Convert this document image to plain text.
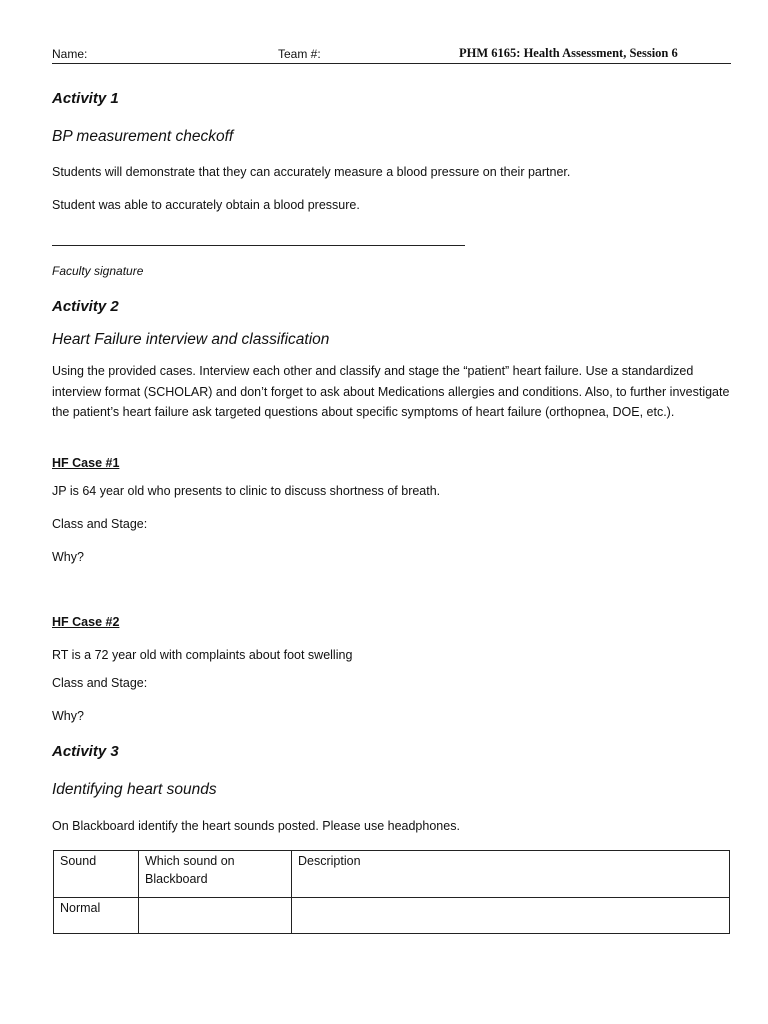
Name:	Team #:	PHM 6165: Health Assessment, Session 6
Activity 1
BP measurement checkoff
Students will demonstrate that they can accurately measure a blood pressure on their partner.
Student was able to accurately obtain a blood pressure.
Faculty signature
Activity 2
Heart Failure interview and classification
Using the provided cases. Interview each other and classify and stage the “patient” heart failure. Use a standardized interview format (SCHOLAR) and don’t forget to ask about Medications allergies and conditions. Also, to further investigate the patient’s heart failure ask targeted questions about specific symptoms of heart failure (orthopnea, DOE, etc.).
HF Case #1
JP is 64 year old who presents to clinic to discuss shortness of breath.
Class and Stage:
Why?
HF Case #2
RT is a 72 year old with complaints about foot swelling
Class and Stage:
Why?
Activity 3
Identifying heart sounds
On Blackboard identify the heart sounds posted. Please use headphones.
Sound	Which sound on Blackboard	Description
Normal		
